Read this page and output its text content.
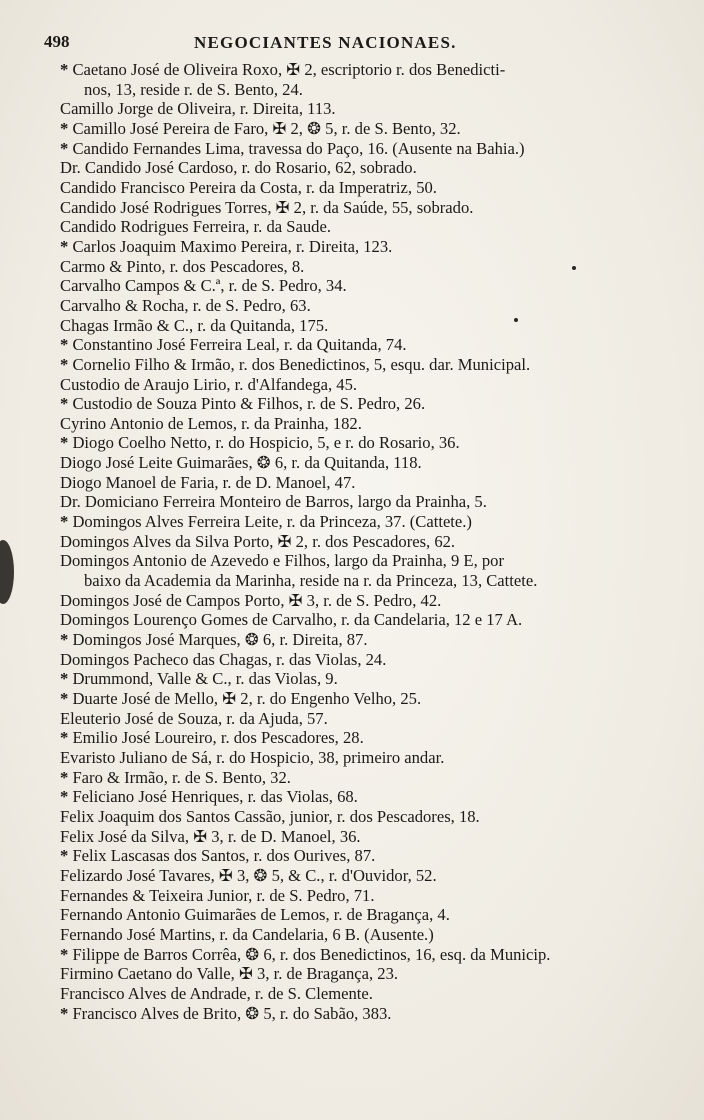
498	NEGOCIANTES NACIONAES.
* Caetano José de Oliveira Roxo, ✠ 2, escriptorio r. dos Benedicti-
nos, 13, reside r. de S. Bento, 24.
Camillo Jorge de Oliveira, r. Direita, 113.
* Camillo José Pereira de Faro, ✠ 2, ❂ 5, r. de S. Bento, 32.
* Candido Fernandes Lima, travessa do Paço, 16. (Ausente na Bahia.)
Dr. Candido José Cardoso, r. do Rosario, 62, sobrado.
Candido Francisco Pereira da Costa, r. da Imperatriz, 50.
Candido José Rodrigues Torres, ✠ 2, r. da Saúde, 55, sobrado.
Candido Rodrigues Ferreira, r. da Saude.
* Carlos Joaquim Maximo Pereira, r. Direita, 123.
Carmo & Pinto, r. dos Pescadores, 8.
Carvalho Campos & C.ª, r. de S. Pedro, 34.
Carvalho & Rocha, r. de S. Pedro, 63.
Chagas Irmão & C., r. da Quitanda, 175.
* Constantino José Ferreira Leal, r. da Quitanda, 74.
* Cornelio Filho & Irmão, r. dos Benedictinos, 5, esqu. dar. Municipal.
Custodio de Araujo Lirio, r. d'Alfandega, 45.
* Custodio de Souza Pinto & Filhos, r. de S. Pedro, 26.
Cyrino Antonio de Lemos, r. da Prainha, 182.
* Diogo Coelho Netto, r. do Hospicio, 5, e r. do Rosario, 36.
Diogo José Leite Guimarães, ❂ 6, r. da Quitanda, 118.
Diogo Manoel de Faria, r. de D. Manoel, 47.
Dr. Domiciano Ferreira Monteiro de Barros, largo da Prainha, 5.
* Domingos Alves Ferreira Leite, r. da Princeza, 37. (Cattete.)
Domingos Alves da Silva Porto, ✠ 2, r. dos Pescadores, 62.
Domingos Antonio de Azevedo e Filhos, largo da Prainha, 9 E, por
baixo da Academia da Marinha, reside na r. da Princeza, 13, Cattete.
Domingos José de Campos Porto, ✠ 3, r. de S. Pedro, 42.
Domingos Lourenço Gomes de Carvalho, r. da Candelaria, 12 e 17 A.
* Domingos José Marques, ❂ 6, r. Direita, 87.
Domingos Pacheco das Chagas, r. das Violas, 24.
* Drummond, Valle & C., r. das Violas, 9.
* Duarte José de Mello, ✠ 2, r. do Engenho Velho, 25.
Eleuterio José de Souza, r. da Ajuda, 57.
* Emilio José Loureiro, r. dos Pescadores, 28.
Evaristo Juliano de Sá, r. do Hospicio, 38, primeiro andar.
* Faro & Irmão, r. de S. Bento, 32.
* Feliciano José Henriques, r. das Violas, 68.
Felix Joaquim dos Santos Cassão, junior, r. dos Pescadores, 18.
Felix José da Silva, ✠ 3, r. de D. Manoel, 36.
* Felix Lascasas dos Santos, r. dos Ourives, 87.
Felizardo José Tavares, ✠ 3, ❂ 5, & C., r. d'Ouvidor, 52.
Fernandes & Teixeira Junior, r. de S. Pedro, 71.
Fernando Antonio Guimarães de Lemos, r. de Bragança, 4.
Fernando José Martins, r. da Candelaria, 6 B. (Ausente.)
* Filippe de Barros Corrêa, ❂ 6, r. dos Benedictinos, 16, esq. da Municip.
Firmino Caetano do Valle, ✠ 3, r. de Bragança, 23.
Francisco Alves de Andrade, r. de S. Clemente.
* Francisco Alves de Brito, ❂ 5, r. do Sabão, 383.
